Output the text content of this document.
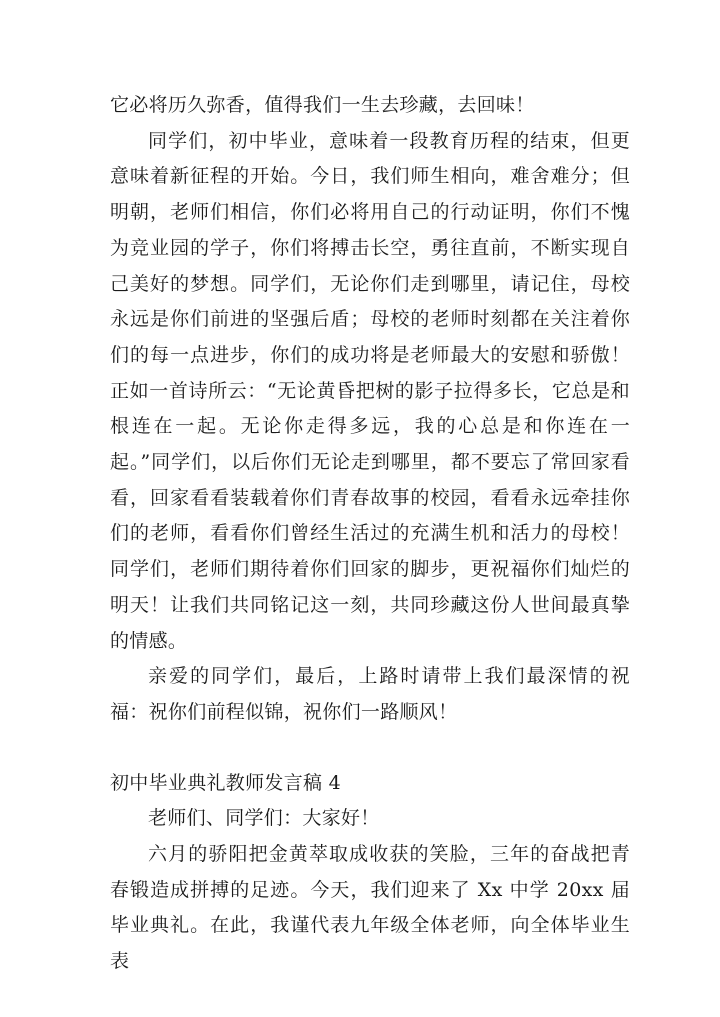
它必将历久弥香，值得我们一生去珍藏，去回味！

同学们，初中毕业，意味着一段教育历程的结束，但更意味着新征程的开始。今日，我们师生相向，难舍难分；但明朝，老师们相信，你们必将用自己的行动证明，你们不愧为竞业园的学子，你们将搏击长空，勇往直前，不断实现自己美好的梦想。同学们，无论你们走到哪里，请记住，母校永远是你们前进的坚强后盾；母校的老师时刻都在关注着你们的每一点进步，你们的成功将是老师最大的安慰和骄傲！正如一首诗所云：“无论黄昏把树的影子拉得多长，它总是和根连在一起。无论你走得多远，我的心总是和你连在一起。”同学们，以后你们无论走到哪里，都不要忘了常回家看看，回家看看装载着你们青春故事的校园，看看永远牵挂你们的老师，看看你们曾经生活过的充满生机和活力的母校！同学们，老师们期待着你们回家的脚步，更祝福你们灿烂的明天！让我们共同铭记这一刻，共同珍藏这份人世间最真挚的情感。

亲爱的同学们，最后，上路时请带上我们最深情的祝福：祝你们前程似锦，祝你们一路顺风！

初中毕业典礼教师发言稿 4

老师们、同学们：大家好！

六月的骄阳把金黄萃取成收获的笑脸，三年的奋战把青春锻造成拼搏的足迹。今天，我们迎来了 Xx 中学 20xx 届毕业典礼。在此，我谨代表九年级全体老师，向全体毕业生表
